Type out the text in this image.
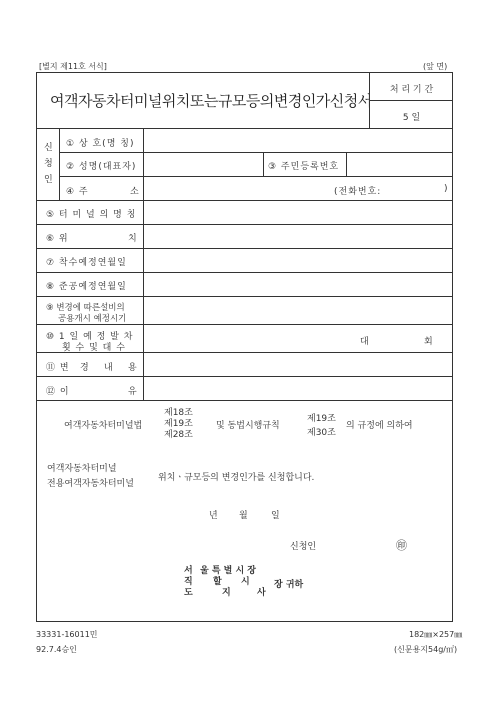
[별지 제11호 서식]	(앞 면)
여객자동차터미널위치또는규모등의변경인가신청서
처 리 기 간
5 일
신
청
인
① 상 호(명 칭)
② 성명(대표자)	③ 주민등록번호
④ 주	소	(전화번호:	)
⑤ 터 미 널 의 명 칭
⑥ 위	치
⑦ 착수예정연월일
⑧ 준공예정연월일
⑨ 변경에 따른설비의
공용개시 예정시기
⑩ 1 일 예 정 발 차
횟 수 및 대 수
대	회
⑪ 변 경 내 용
⑫ 이	유
여객자동차터미널법
제18조
제19조
제28조
및 동법시행규칙
제19조
제30조
의 규정에 의하여
여객자동차터미널
전용여객자동차터미널
위치ㆍ규모등의 변경인가를 신청합니다.
년 월	일
신청인	㊞
서
직
도
울 특 별 시 장
할
지
시
사
장 귀하
33331-16011민
92.7.4승인
182㎜×257㎜
(신문용지54g/㎡)
